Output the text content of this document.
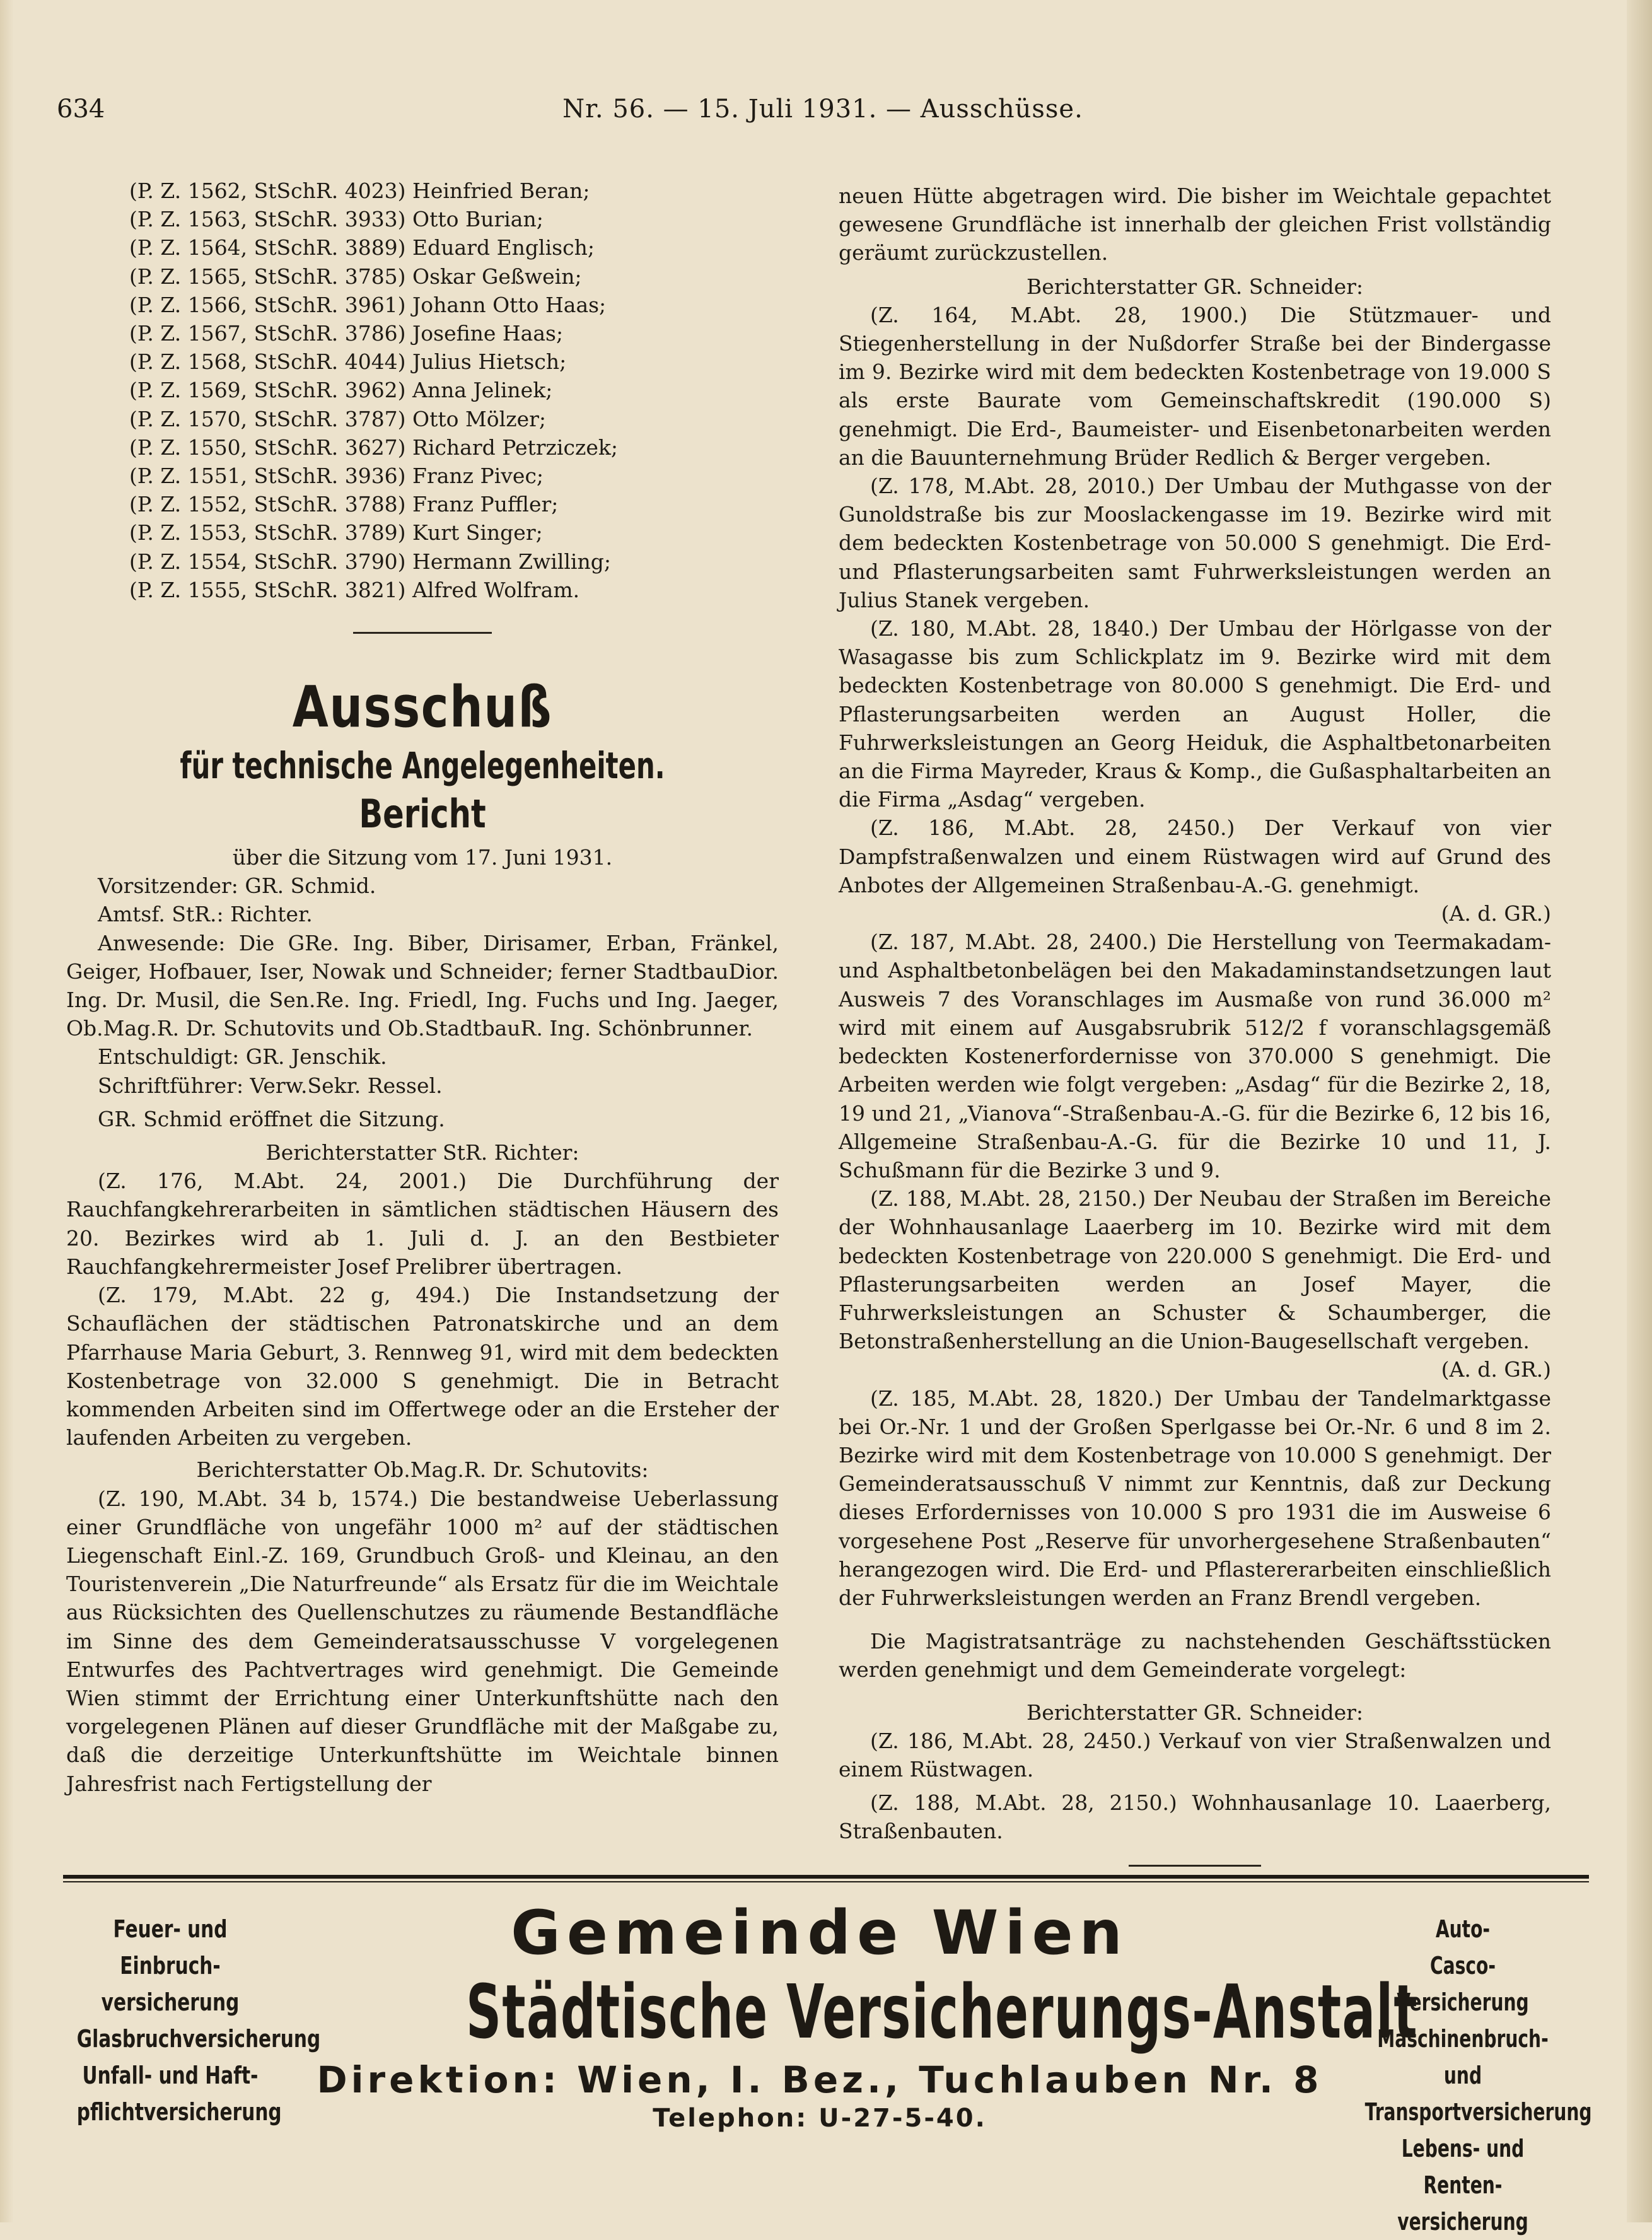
Nr. 56. — 15. Juli 1931. — Ausschüsse.
634

(P. Z. 1562, StSchR. 4023) Heinfried Beran;

(P. Z. 1563, StSchR. 3933) Otto Burian;

(P. Z. 1564, StSchR. 3889) Eduard Englisch;

(P. Z. 1565, StSchR. 3785) Oskar Geßwein;

(P. Z. 1566, StSchR. 3961) Johann Otto Haas;

(P. Z. 1567, StSchR. 3786) Josefine Haas;

(P. Z. 1568, StSchR. 4044) Julius Hietsch;

(P. Z. 1569, StSchR. 3962) Anna Jelinek;

(P. Z. 1570, StSchR. 3787) Otto Mölzer;

(P. Z. 1550, StSchR. 3627) Richard Petrziczek;

(P. Z. 1551, StSchR. 3936) Franz Pivec;

(P. Z. 1552, StSchR. 3788) Franz Puffler;

(P. Z. 1553, StSchR. 3789) Kurt Singer;

(P. Z. 1554, StSchR. 3790) Hermann Zwilling;

(P. Z. 1555, StSchR. 3821) Alfred Wolfram.

Ausschuß
für technische Angelegenheiten.
Bericht

über die Sitzung vom 17. Juni 1931.

Vorsitzender: GR. Schmid.

Amtsf. StR.: Richter.

Anwesende: Die GRe. Ing. Biber, Dirisamer, Erban, Fränkel, Geiger, Hofbauer, Iser, Nowak und Schneider; ferner StadtbauDior. Ing. Dr. Musil, die Sen.Re. Ing. Friedl, Ing. Fuchs und Ing. Jaeger, Ob.Mag.R. Dr. Schutovits und Ob.StadtbauR. Ing. Schönbrunner.

Entschuldigt: GR. Jenschik.

Schriftführer: Verw.Sekr. Ressel.

GR. Schmid eröffnet die Sitzung.

Berichterstatter StR. Richter:

(Z. 176, M.Abt. 24, 2001.) Die Durchführung der Rauchfangkehrerarbeiten in sämtlichen städtischen Häusern des 20. Bezirkes wird ab 1. Juli d. J. an den Bestbieter Rauchfangkehrermeister Josef Prelibrer übertragen.

(Z. 179, M.Abt. 22 g, 494.) Die Instandsetzung der Schauflächen der städtischen Patronatskirche und an dem Pfarrhause Maria Geburt, 3. Rennweg 91, wird mit dem bedeckten Kostenbetrage von 32.000 S genehmigt. Die in Betracht kommenden Arbeiten sind im Offertwege oder an die Ersteher der laufenden Arbeiten zu vergeben.

Berichterstatter Ob.Mag.R. Dr. Schutovits:

(Z. 190, M.Abt. 34 b, 1574.) Die bestandweise Ueberlassung einer Grundfläche von ungefähr 1000 m² auf der städtischen Liegenschaft Einl.-Z. 169, Grundbuch Groß- und Kleinau, an den Touristenverein „Die Naturfreunde“ als Ersatz für die im Weichtale aus Rücksichten des Quellenschutzes zu räumende Bestandfläche im Sinne des dem Gemeinderatsausschusse V vorgelegenen Entwurfes des Pachtvertrages wird genehmigt. Die Gemeinde Wien stimmt der Errichtung einer Unterkunftshütte nach den vorgelegenen Plänen auf dieser Grundfläche mit der Maßgabe zu, daß die derzeitige Unterkunftshütte im Weichtale binnen Jahresfrist nach Fertigstellung der

neuen Hütte abgetragen wird. Die bisher im Weichtale gepachtet gewesene Grundfläche ist innerhalb der gleichen Frist vollständig geräumt zurückzustellen.

Berichterstatter GR. Schneider:

(Z. 164, M.Abt. 28, 1900.) Die Stützmauer- und Stiegenherstellung in der Nußdorfer Straße bei der Bindergasse im 9. Bezirke wird mit dem bedeckten Kostenbetrage von 19.000 S als erste Baurate vom Gemeinschaftskredit (190.000 S) genehmigt. Die Erd-, Baumeister- und Eisenbetonarbeiten werden an die Bauunternehmung Brüder Redlich & Berger vergeben.

(Z. 178, M.Abt. 28, 2010.) Der Umbau der Muthgasse von der Gunoldstraße bis zur Mooslackengasse im 19. Bezirke wird mit dem bedeckten Kostenbetrage von 50.000 S genehmigt. Die Erd- und Pflasterungsarbeiten samt Fuhrwerksleistungen werden an Julius Stanek vergeben.

(Z. 180, M.Abt. 28, 1840.) Der Umbau der Hörlgasse von der Wasagasse bis zum Schlickplatz im 9. Bezirke wird mit dem bedeckten Kostenbetrage von 80.000 S genehmigt. Die Erd- und Pflasterungsarbeiten werden an August Holler, die Fuhrwerksleistungen an Georg Heiduk, die Asphaltbetonarbeiten an die Firma Mayreder, Kraus & Komp., die Gußasphaltarbeiten an die Firma „Asdag“ vergeben.

(Z. 186, M.Abt. 28, 2450.) Der Verkauf von vier Dampfstraßenwalzen und einem Rüstwagen wird auf Grund des Anbotes der Allgemeinen Straßenbau-A.-G. genehmigt.
(A. d. GR.)

(Z. 187, M.Abt. 28, 2400.) Die Herstellung von Teermakadam- und Asphaltbetonbelägen bei den Makadaminstandsetzungen laut Ausweis 7 des Voranschlages im Ausmaße von rund 36.000 m² wird mit einem auf Ausgabsrubrik 512/2 f voranschlagsgemäß bedeckten Kostenerfordernisse von 370.000 S genehmigt. Die Arbeiten werden wie folgt vergeben: „Asdag“ für die Bezirke 2, 18, 19 und 21, „Vianova“-Straßenbau-A.-G. für die Bezirke 6, 12 bis 16, Allgemeine Straßenbau-A.-G. für die Bezirke 10 und 11, J. Schußmann für die Bezirke 3 und 9.

(Z. 188, M.Abt. 28, 2150.) Der Neubau der Straßen im Bereiche der Wohnhausanlage Laaerberg im 10. Bezirke wird mit dem bedeckten Kostenbetrage von 220.000 S genehmigt. Die Erd- und Pflasterungsarbeiten werden an Josef Mayer, die Fuhrwerksleistungen an Schuster & Schaumberger, die Betonstraßenherstellung an die Union-Baugesellschaft vergeben.
(A. d. GR.)

(Z. 185, M.Abt. 28, 1820.) Der Umbau der Tandelmarktgasse bei Or.-Nr. 1 und der Großen Sperlgasse bei Or.-Nr. 6 und 8 im 2. Bezirke wird mit dem Kostenbetrage von 10.000 S genehmigt. Der Gemeinderatsausschuß V nimmt zur Kenntnis, daß zur Deckung dieses Erfordernisses von 10.000 S pro 1931 die im Ausweise 6 vorgesehene Post „Reserve für unvorhergesehene Straßenbauten“ herangezogen wird. Die Erd- und Pflastererarbeiten einschließlich der Fuhrwerksleistungen werden an Franz Brendl vergeben.

Die Magistratsanträge zu nachstehenden Geschäftsstücken werden genehmigt und dem Gemeinderate vorgelegt:

Berichterstatter GR. Schneider:

(Z. 186, M.Abt. 28, 2450.) Verkauf von vier Straßenwalzen und einem Rüstwagen.

(Z. 188, M.Abt. 28, 2150.) Wohnhausanlage 10. Laaerberg, Straßenbauten.

Feuer- und Einbruch-
versicherung
Glasbruchversicherung
Unfall- und Haft-
pflichtversicherung
Gemeinde Wien
Städtische Versicherungs-Anstalt
Direktion: Wien, I. Bez., Tuchlauben Nr. 8
Telephon: U-27-5-40.
Auto-
Casco-Versicherung
Maschinenbruch- und
Transportversicherung
Lebens- und Renten-
versicherung
